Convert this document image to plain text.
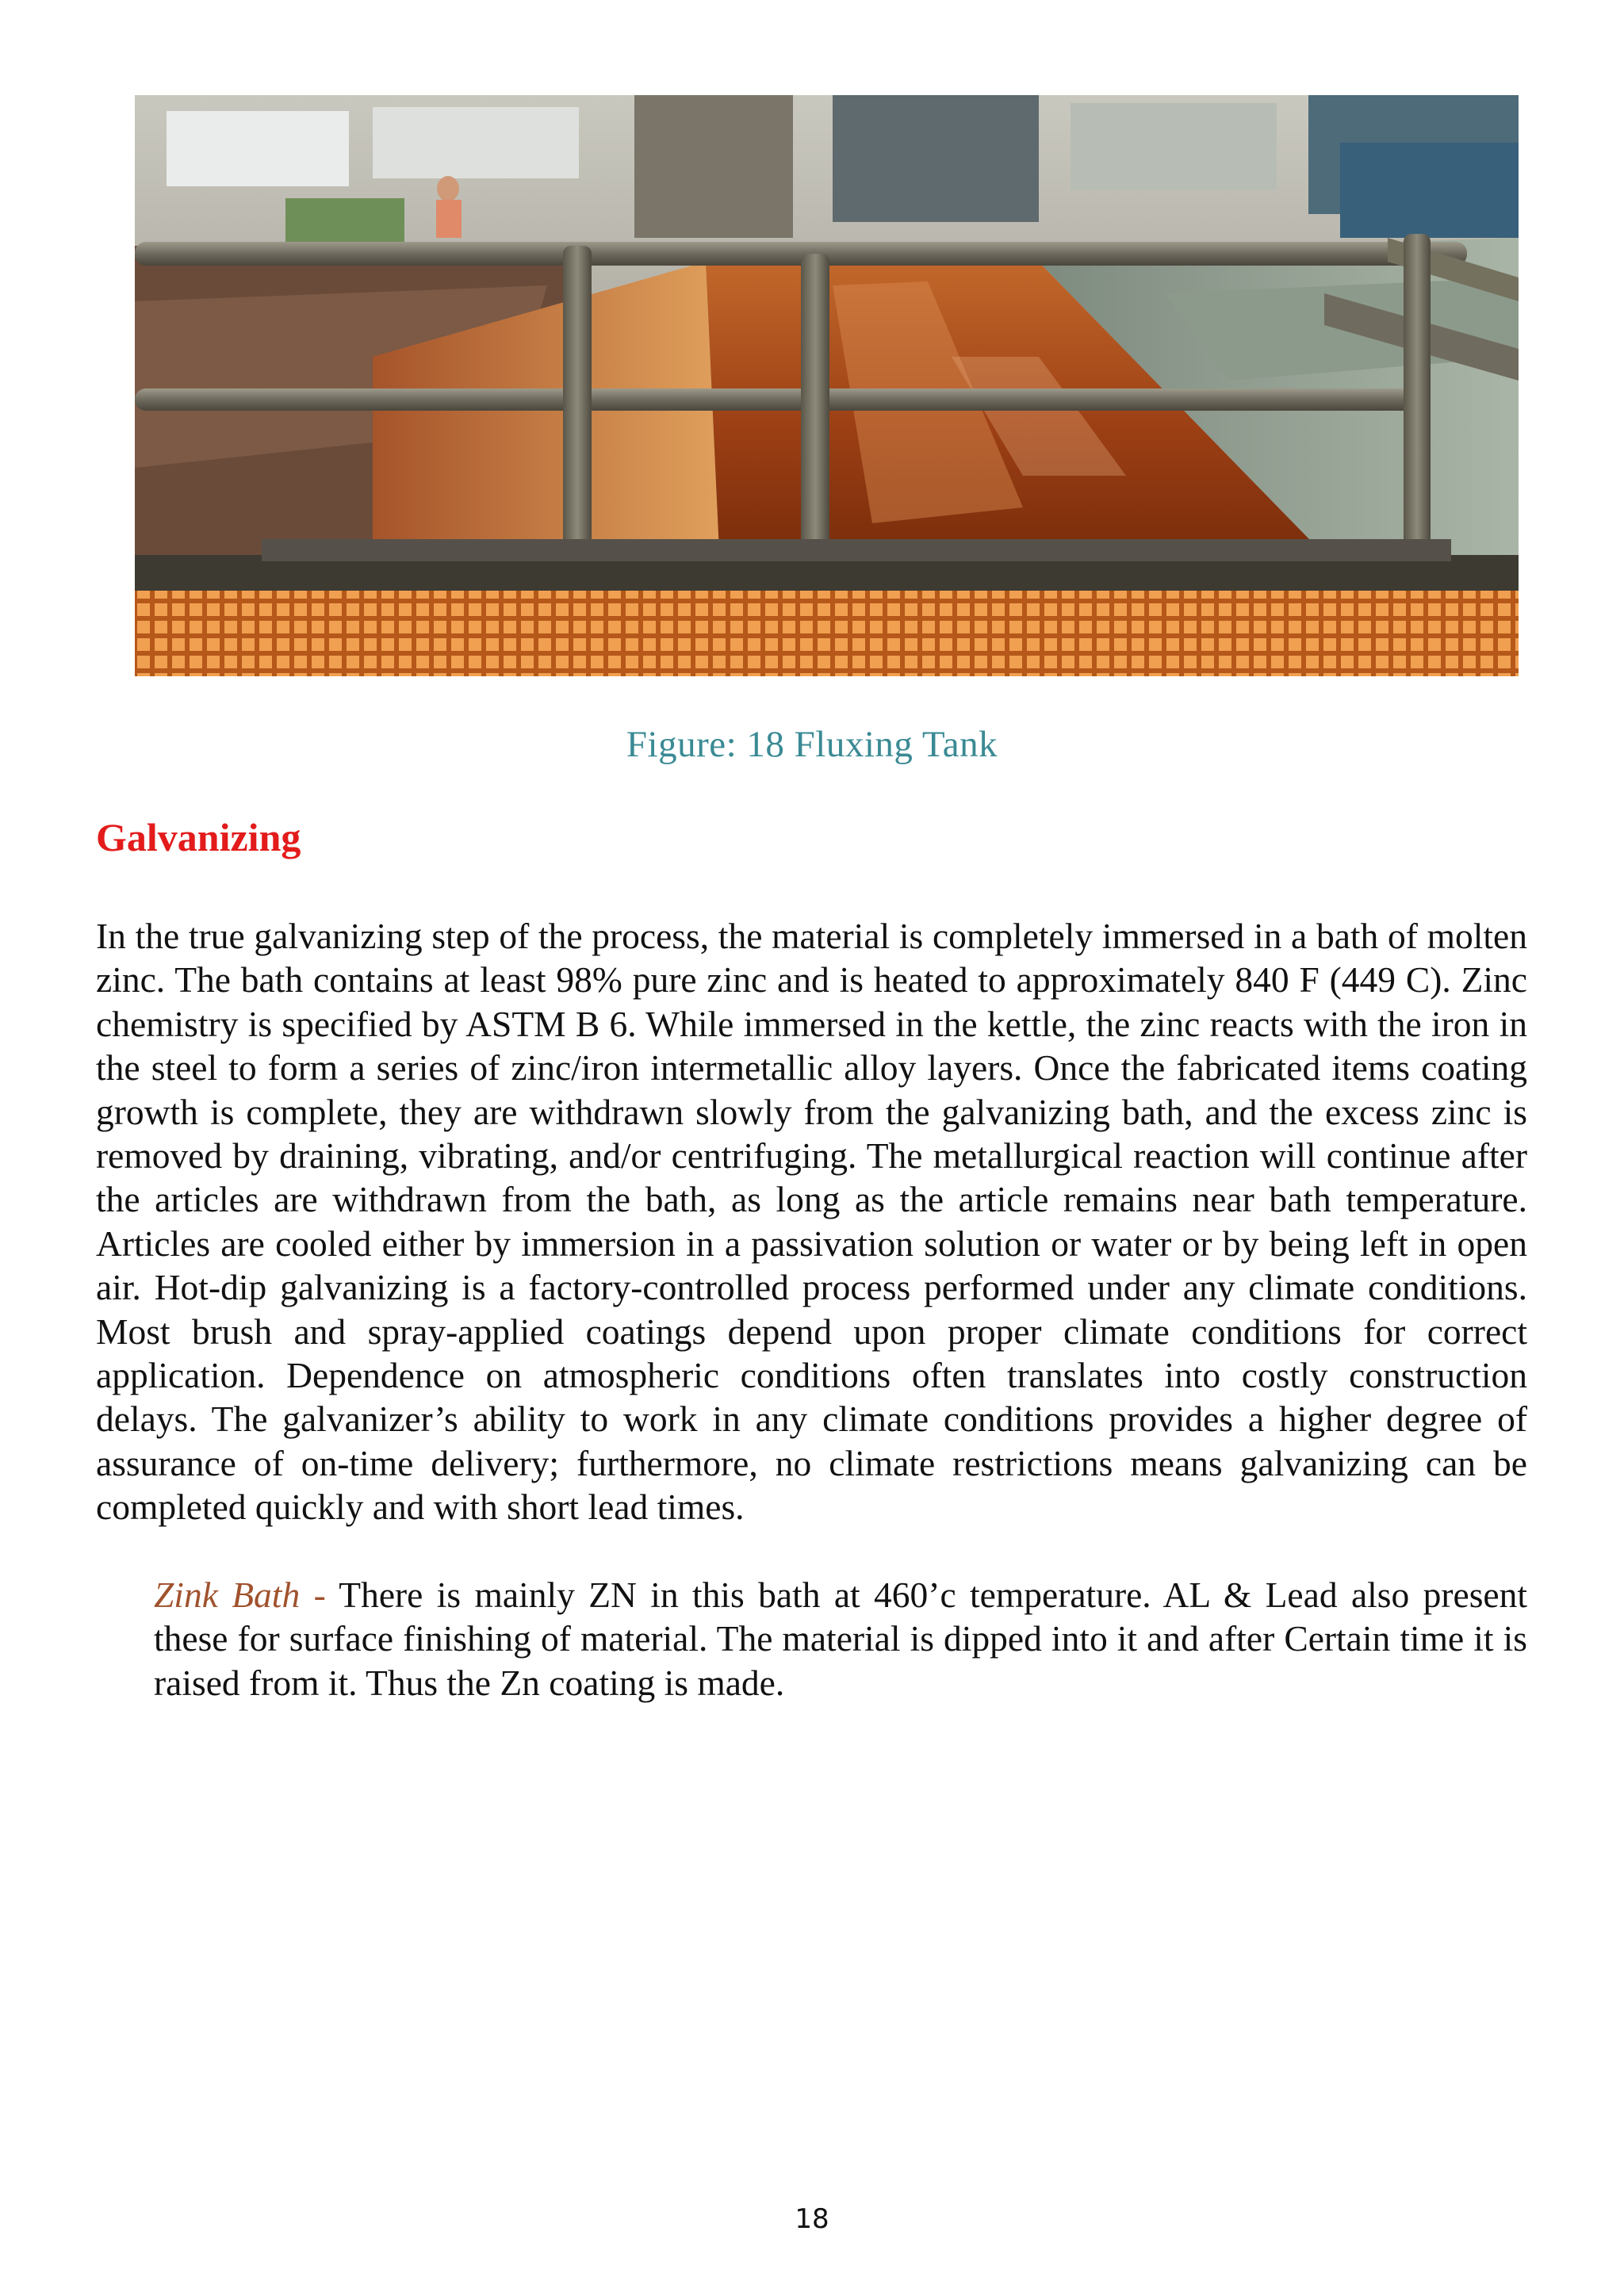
Figure: 18 Fluxing Tank
Galvanizing
In the true galvanizing step of the process, the material is completely immersed in a bath of molten zinc. The bath contains at least 98% pure zinc and is heated to approximately 840 F (449 C). Zinc chemistry is specified by ASTM B 6. While immersed in the kettle, the zinc reacts with the iron in the steel to form a series of zinc/iron intermetallic alloy layers. Once the fabricated items coating growth is complete, they are withdrawn slowly from the galvanizing bath, and the excess zinc is removed by draining, vibrating, and/or centrifuging. The metallurgical reaction will continue after the articles are withdrawn from the bath, as long as the article remains near bath temperature. Articles are cooled either by immersion in a passivation solution or water or by being left in open air. Hot-dip galvanizing is a factory-controlled process performed under any climate conditions. Most brush and spray-applied coatings depend upon proper climate conditions for correct application. Dependence on atmospheric conditions often translates into costly construction delays. The galvanizer’s ability to work in any climate conditions provides a higher degree of assurance of on-time delivery; furthermore, no climate restrictions means galvanizing can be completed quickly and with short lead times.
Zink Bath - There is mainly ZN in this bath at 460’c temperature. AL & Lead also present these for surface finishing of material. The material is dipped into it and after Certain time it is raised from it. Thus the Zn coating is made.
18
